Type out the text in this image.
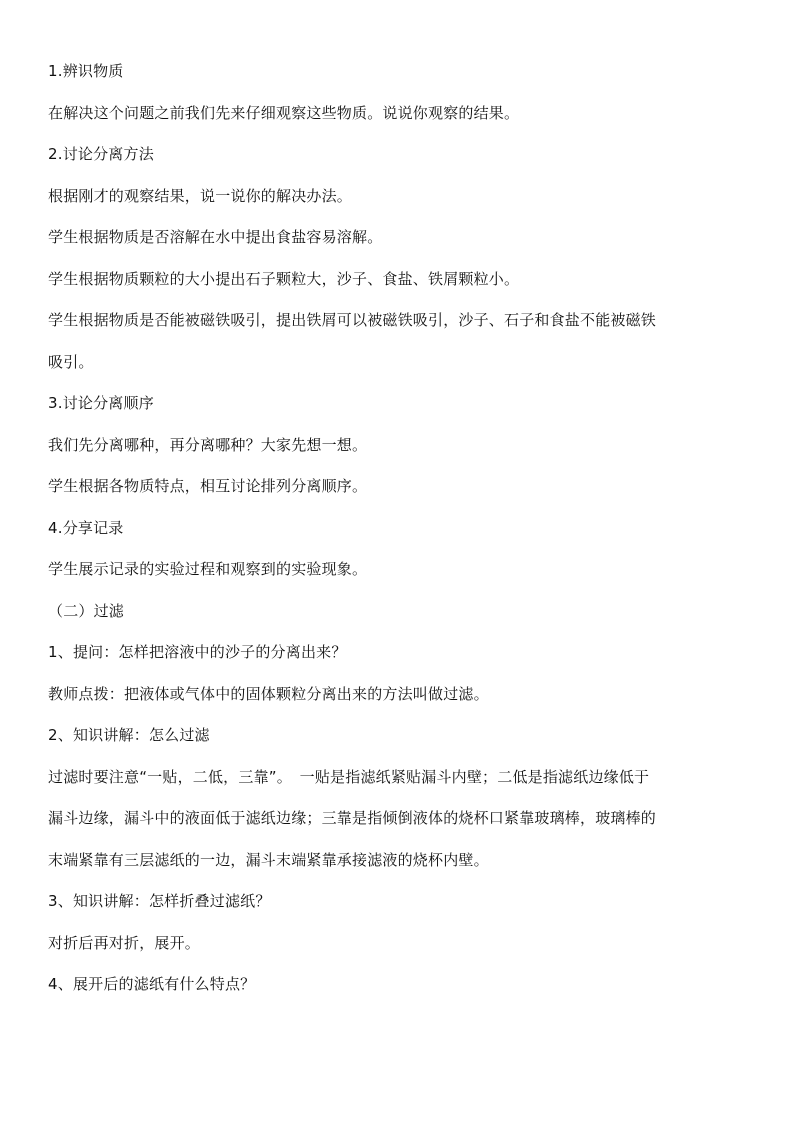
1.辨识物质
在解决这个问题之前我们先来仔细观察这些物质。说说你观察的结果。
2.讨论分离方法
根据刚才的观察结果，说一说你的解决办法。
学生根据物质是否溶解在水中提出食盐容易溶解。
学生根据物质颗粒的大小提出石子颗粒大，沙子、食盐、铁屑颗粒小。
学生根据物质是否能被磁铁吸引，提出铁屑可以被磁铁吸引，沙子、石子和食盐不能被磁铁
吸引。
3.讨论分离顺序
我们先分离哪种，再分离哪种？大家先想一想。
学生根据各物质特点，相互讨论排列分离顺序。
4.分享记录
学生展示记录的实验过程和观察到的实验现象。
（二）过滤
1、提问：怎样把溶液中的沙子的分离出来？
教师点拨：把液体或气体中的固体颗粒分离出来的方法叫做过滤。
2、知识讲解：怎么过滤
过滤时要注意“一贴，二低，三靠”。　一贴是指滤纸紧贴漏斗内壁；二低是指滤纸边缘低于
漏斗边缘，漏斗中的液面低于滤纸边缘；三靠是指倾倒液体的烧杯口紧靠玻璃棒，玻璃棒的
末端紧靠有三层滤纸的一边，漏斗末端紧靠承接滤液的烧杯内壁。
3、知识讲解：怎样折叠过滤纸？
对折后再对折，展开。
4、展开后的滤纸有什么特点？
